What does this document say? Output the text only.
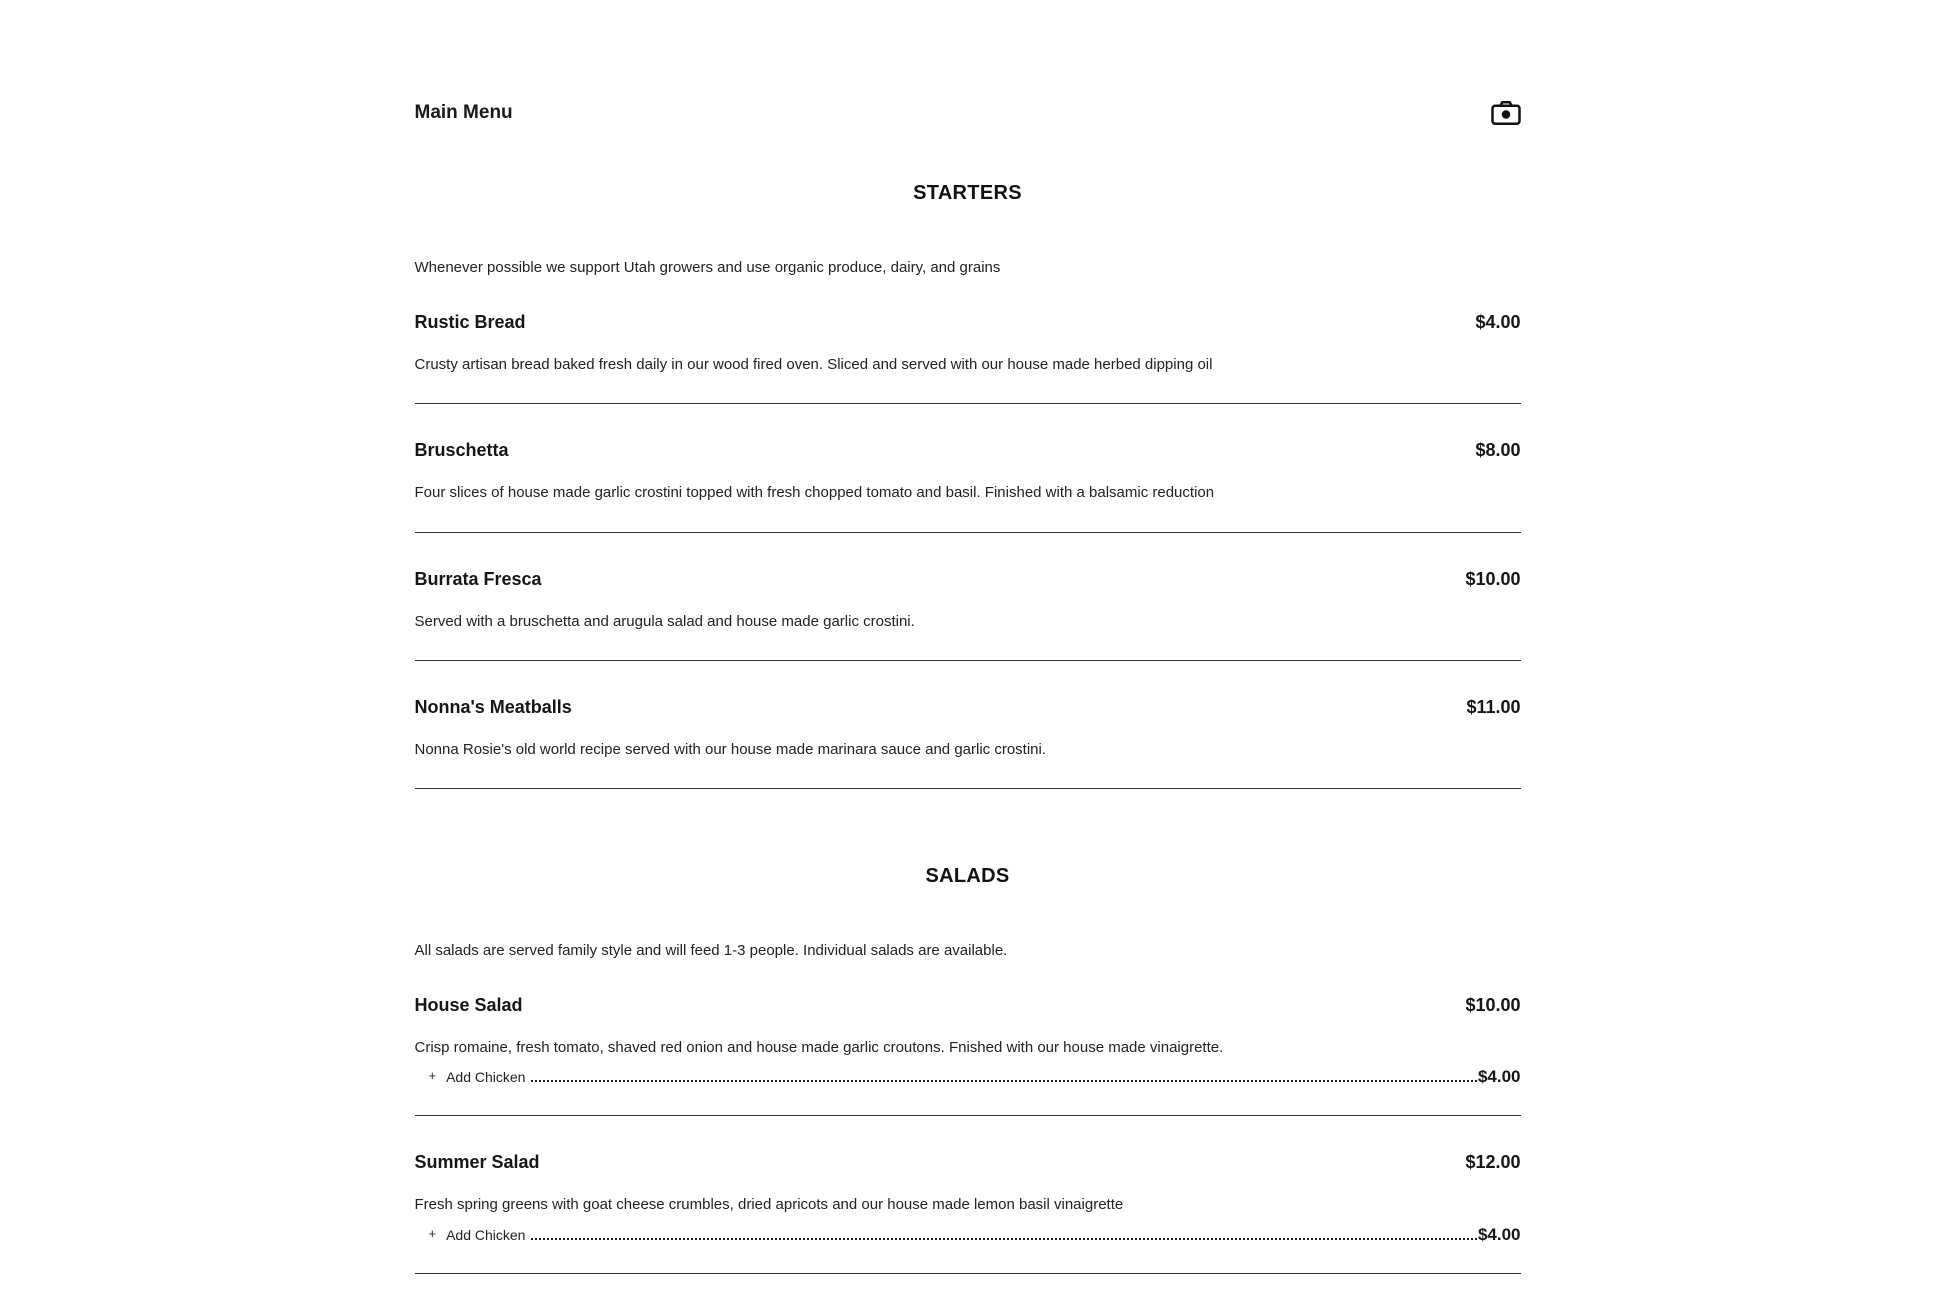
Main Menu
STARTERS

Whenever possible we support Utah growers and use organic produce, dairy, and grains

Rustic Bread	$4.00

Crusty artisan bread baked fresh daily in our wood fired oven. Sliced and served with our house made herbed dipping oil

Bruschetta	$8.00

Four slices of house made garlic crostini topped with fresh chopped tomato and basil. Finished with a balsamic reduction

Burrata Fresca	$10.00

Served with a bruschetta and arugula salad and house made garlic crostini.

Nonna's Meatballs	$11.00

Nonna Rosie's old world recipe served with our house made marinara sauce and garlic crostini.

SALADS

All salads are served family style and will feed 1-3 people. Individual salads are available.

House Salad	$10.00

Crisp romaine, fresh tomato, shaved red onion and house made garlic croutons. Fnished with our house made vinaigrette.

+ Add Chicken	$4.00
Summer Salad	$12.00

Fresh spring greens with goat cheese crumbles, dried apricots and our house made lemon basil vinaigrette

+ Add Chicken	$4.00
